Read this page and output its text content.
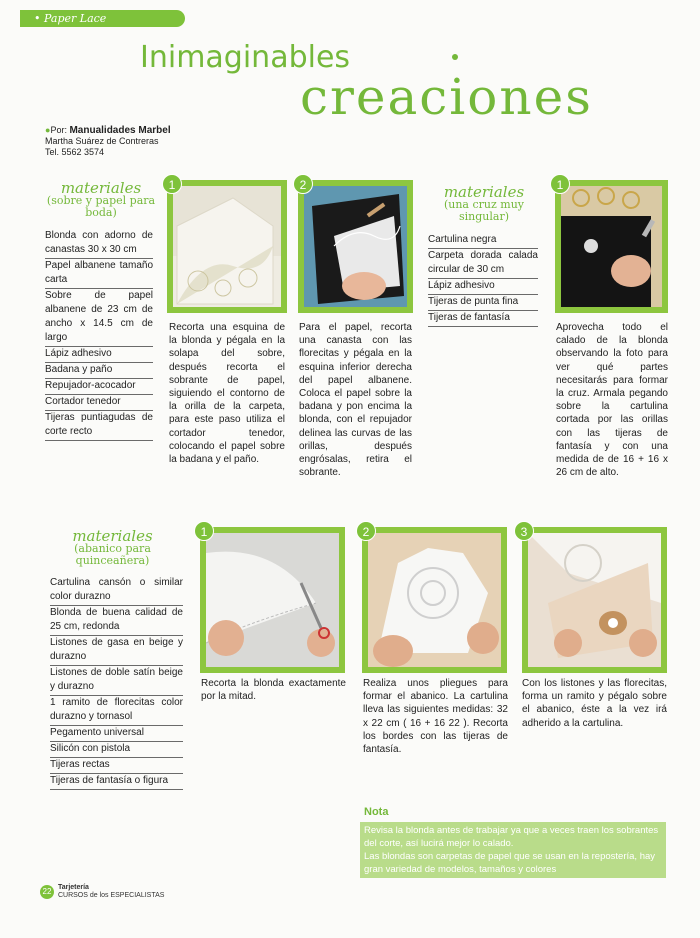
• Paper Lace
Inimaginables
creaciones
●Por: Manualidades Marbel
Martha Suárez de Contreras
Tel. 5562 3574
materiales
(sobre y papel para boda)
Blonda con adorno de canastas 30 x 30 cm
Papel albanene tamaño carta
Sobre de papel albanene de 23 cm de ancho x 14.5 cm de largo
Lápiz adhesivo
Badana y paño
Repujador-acocador
Cortador tenedor
Tijeras puntiagudas de corte recto
1	2
Recorta una esquina de la blonda y pégala en la solapa del sobre, después recorta el sobrante de papel, siguiendo el contorno de la orilla de la carpeta, para este paso utiliza el cortador tenedor, colocando el papel sobre la badana y el paño.
Para el papel, recorta una canasta con las florecitas y pégala en la esquina inferior derecha del papel albanene. Coloca el papel sobre la badana y pon encima la blonda, con el repujador delinea las curvas de las orillas, después engrósalas, retira el sobrante.
materiales
(una cruz muy singular)
Cartulina negra
Carpeta dorada calada circular de 30 cm
Lápiz adhesivo
Tijeras de punta fina
Tijeras de fantasía
1
Aprovecha todo el calado de la blonda observando la foto para ver qué partes necesitarás para formar la cruz. Armala pegando sobre la cartulina cortada por las orillas con las tijeras de fantasía y con una medida de de 16 + 16 x 26 cm de alto.
materiales
(abanico para quinceañera)
Cartulina cansón o similar color durazno
Blonda de buena calidad de 25 cm, redonda
Listones de gasa en beige y durazno
Listones de doble satín beige y durazno
1 ramito de florecitas color durazno y tornasol
Pegamento universal
Silicón con pistola
Tijeras rectas
Tijeras de fantasía o figura
1	2	3
Recorta la blonda exactamente por la mitad.
Realiza unos pliegues para formar el abanico. La cartulina lleva las siguientes medidas: 32 x 22 cm ( 16 + 16 22 ). Recorta los bordes con las tijeras de fantasía.
Con los listones y las florecitas, forma un ramito y pégalo sobre el abanico, éste a la vez irá adherido a la cartulina.
Nota
Revisa la blonda antes de trabajar ya que a veces traen los sobrantes del corte, así lucirá mejor lo calado.
Las blondas son carpetas de papel que se usan en la repostería, hay gran variedad de modelos, tamaños y colores
22 Tarjetería
CURSOS de los ESPECIALISTAS
